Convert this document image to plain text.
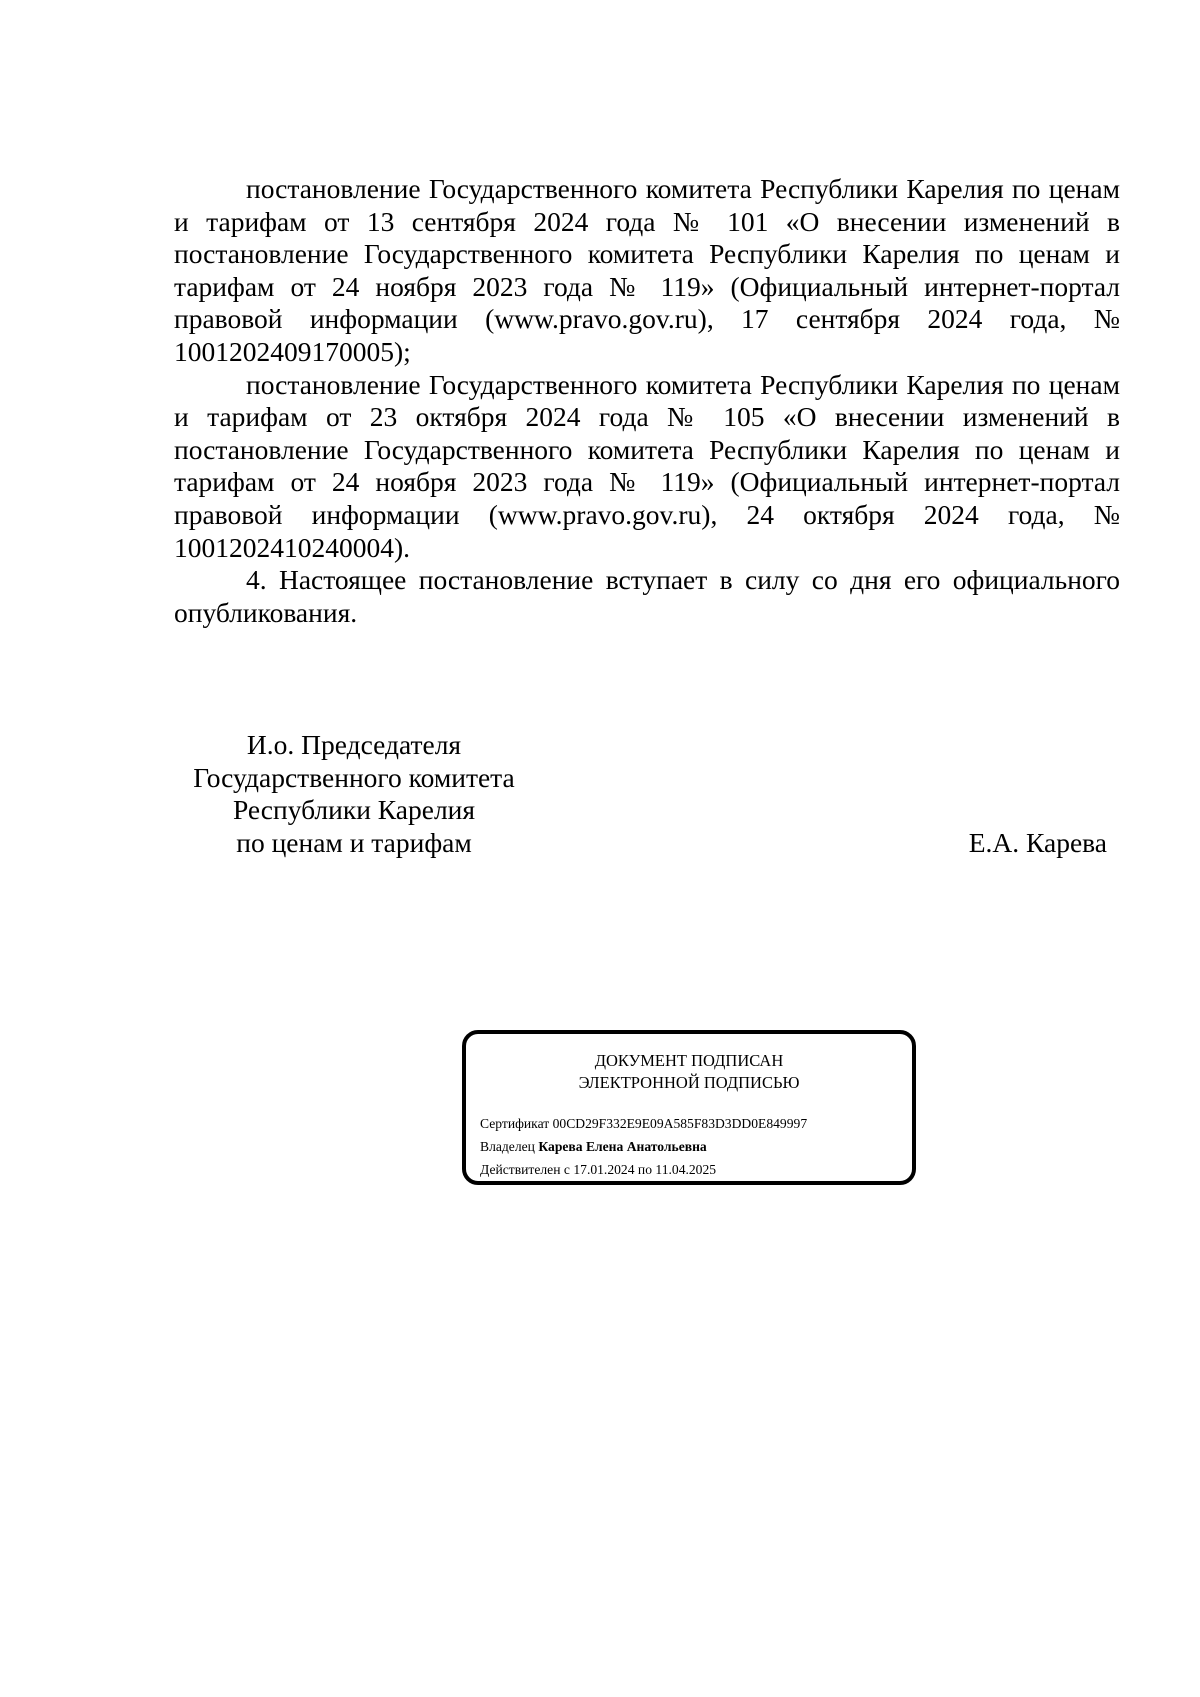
постановление Государственного комитета Республики Карелия по ценам и тарифам от 13 сентября 2024 года № 101 «О внесении изменений в постановление Государственного комитета Республики Карелия по ценам и тарифам от 24 ноября 2023 года № 119» (Официальный интернет-портал правовой информации (www.pravo.gov.ru), 17 сентября 2024 года, № 1001202409170005);

постановление Государственного комитета Республики Карелия по ценам и тарифам от 23 октября 2024 года № 105 «О внесении изменений в постановление Государственного комитета Республики Карелия по ценам и тарифам от 24 ноября 2023 года № 119» (Официальный интернет-портал правовой информации (www.pravo.gov.ru), 24 октября 2024 года, № 1001202410240004).

4. Настоящее постановление вступает в силу со дня его официального опубликования.

И.о. Председателя
Государственного комитета
Республики Карелия
по ценам и тарифам	Е.А. Карева
ДОКУМЕНТ ПОДПИСАН
ЭЛЕКТРОННОЙ ПОДПИСЬЮ
Сертификат 00CD29F332E9E09A585F83D3DD0E849997
Владелец Карева Елена Анатольевна
Действителен с 17.01.2024 по 11.04.2025
